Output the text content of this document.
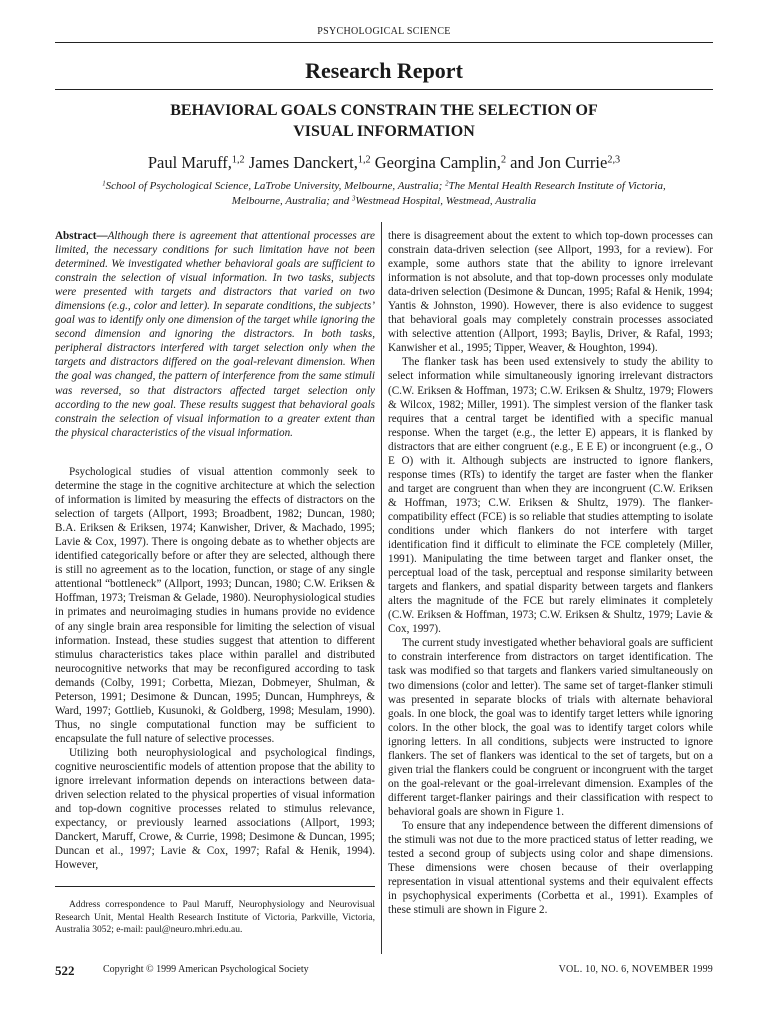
PSYCHOLOGICAL SCIENCE
Research Report
BEHAVIORAL GOALS CONSTRAIN THE SELECTION OF
VISUAL INFORMATION
Paul Maruff,$^{1,2}$ James Danckert,$^{1,2}$ Georgina Camplin,$^2$ and Jon Currie$^{2,3}$
$^1$School of Psychological Science, LaTrobe University, Melbourne, Australia; $^2$The Mental Health Research Institute of Victoria,
Melbourne, Australia; and $^3$Westmead Hospital, Westmead, Australia

Abstract—Although there is agreement that attentional processes are limited, the necessary conditions for such limitation have not been determined. We investigated whether behavioral goals are sufficient to constrain the selection of visual information. In two tasks, subjects were presented with targets and distractors that varied on two dimensions (e.g., color and letter). In separate conditions, the subjects’ goal was to identify only one dimension of the target while ignoring the second dimension and ignoring the distractors. In both tasks, peripheral distractors interfered with target selection only when the targets and distractors differed on the goal-relevant dimension. When the goal was changed, the pattern of interference from the same stimuli was reversed, so that distractors affected target selection only according to the new goal. These results suggest that behavioral goals constrain the selection of visual information to a greater extent than the physical characteristics of the visual information.

Psychological studies of visual attention commonly seek to determine the stage in the cognitive architecture at which the selection of information is limited by measuring the effects of distractors on the selection of targets (Allport, 1993; Broadbent, 1982; Duncan, 1980; B.A. Eriksen & Eriksen, 1974; Kanwisher, Driver, & Machado, 1995; Lavie & Cox, 1997). There is ongoing debate as to whether objects are identified categorically before or after they are selected, although there is still no agreement as to the location, function, or stage of any single attentional “bottleneck” (Allport, 1993; Duncan, 1980; C.W. Eriksen & Hoffman, 1973; Treisman & Gelade, 1980). Neurophysiological studies in primates and neuroimaging studies in humans provide no evidence of any single brain area responsible for limiting the selection of visual information. Instead, these studies suggest that attention to different stimulus characteristics takes place within parallel and distributed neurocognitive networks that may be reconfigured according to task demands (Colby, 1991; Corbetta, Miezan, Dobmeyer, Shulman, & Peterson, 1991; Desimone & Duncan, 1995; Duncan, Humphreys, & Ward, 1997; Gottlieb, Kusunoki, & Goldberg, 1998; Mesulam, 1990). Thus, no single computational function may be sufficient to encapsulate the full nature of selective processes.

Utilizing both neurophysiological and psychological findings, cognitive neuroscientific models of attention propose that the ability to ignore irrelevant information depends on interactions between data-driven selection related to the physical properties of visual information and top-down cognitive processes related to stimulus relevance, expectancy, or previously learned associations (Allport, 1993; Danckert, Maruff, Crowe, & Currie, 1998; Desimone & Duncan, 1995; Duncan et al., 1997; Lavie & Cox, 1997; Rafal & Henik, 1994). However,

Address correspondence to Paul Maruff, Neurophysiology and Neurovisual Research Unit, Mental Health Research Institute of Victoria, Parkville, Victoria, Australia 3052; e-mail: paul@neuro.mhri.edu.au.

there is disagreement about the extent to which top-down processes can constrain data-driven selection (see Allport, 1993, for a review). For example, some authors state that the ability to ignore irrelevant information is not absolute, and that top-down processes only modulate data-driven selection (Desimone & Duncan, 1995; Rafal & Henik, 1994; Yantis & Johnston, 1990). However, there is also evidence to suggest that behavioral goals may completely constrain processes associated with selective attention (Allport, 1993; Baylis, Driver, & Rafal, 1993; Kanwisher et al., 1995; Tipper, Weaver, & Houghton, 1994).

The flanker task has been used extensively to study the ability to select information while simultaneously ignoring irrelevant distractors (C.W. Eriksen & Hoffman, 1973; C.W. Eriksen & Shultz, 1979; Flowers & Wilcox, 1982; Miller, 1991). The simplest version of the flanker task requires that a central target be identified with a specific manual response. When the target (e.g., the letter E) appears, it is flanked by distractors that are either congruent (e.g., E E E) or incongruent (e.g., O E O) with it. Although subjects are instructed to ignore flankers, response times (RTs) to identify the target are faster when the flanker and target are congruent than when they are incongruent (C.W. Eriksen & Hoffman, 1973; C.W. Eriksen & Shultz, 1979). The flanker-compatibility effect (FCE) is so reliable that studies attempting to isolate conditions under which flankers do not interfere with target identification find it difficult to eliminate the FCE completely (Miller, 1991). Manipulating the time between target and flanker onset, the perceptual load of the task, perceptual and response similarity between targets and flankers, and spatial disparity between targets and flankers alters the magnitude of the FCE but rarely eliminates it completely (C.W. Eriksen & Hoffman, 1973; C.W. Eriksen & Shultz, 1979; Lavie & Cox, 1997).

The current study investigated whether behavioral goals are sufficient to constrain interference from distractors on target identification. The task was modified so that targets and flankers varied simultaneously on two dimensions (color and letter). The same set of target-flanker stimuli was presented in separate blocks of trials with alternate behavioral goals. In one block, the goal was to identify target letters while ignoring colors. In the other block, the goal was to identify target colors while ignoring letters. In all conditions, subjects were instructed to ignore flankers. The set of flankers was identical to the set of targets, but on a given trial the flankers could be congruent or incongruent with the target on the goal-relevant or the goal-irrelevant dimension. Examples of the different target-flanker pairings and their classification with respect to behavioral goals are shown in Figure 1.

To ensure that any independence between the different dimensions of the stimuli was not due to the more practiced status of letter reading, we tested a second group of subjects using color and shape dimensions. These dimensions were chosen because of their overlapping representation in visual attentional systems and their equivalent effects in psychophysical experiments (Corbetta et al., 1991). Examples of these stimuli are shown in Figure 2.

522	Copyright © 1999 American Psychological Society	VOL. 10, NO. 6, NOVEMBER 1999
